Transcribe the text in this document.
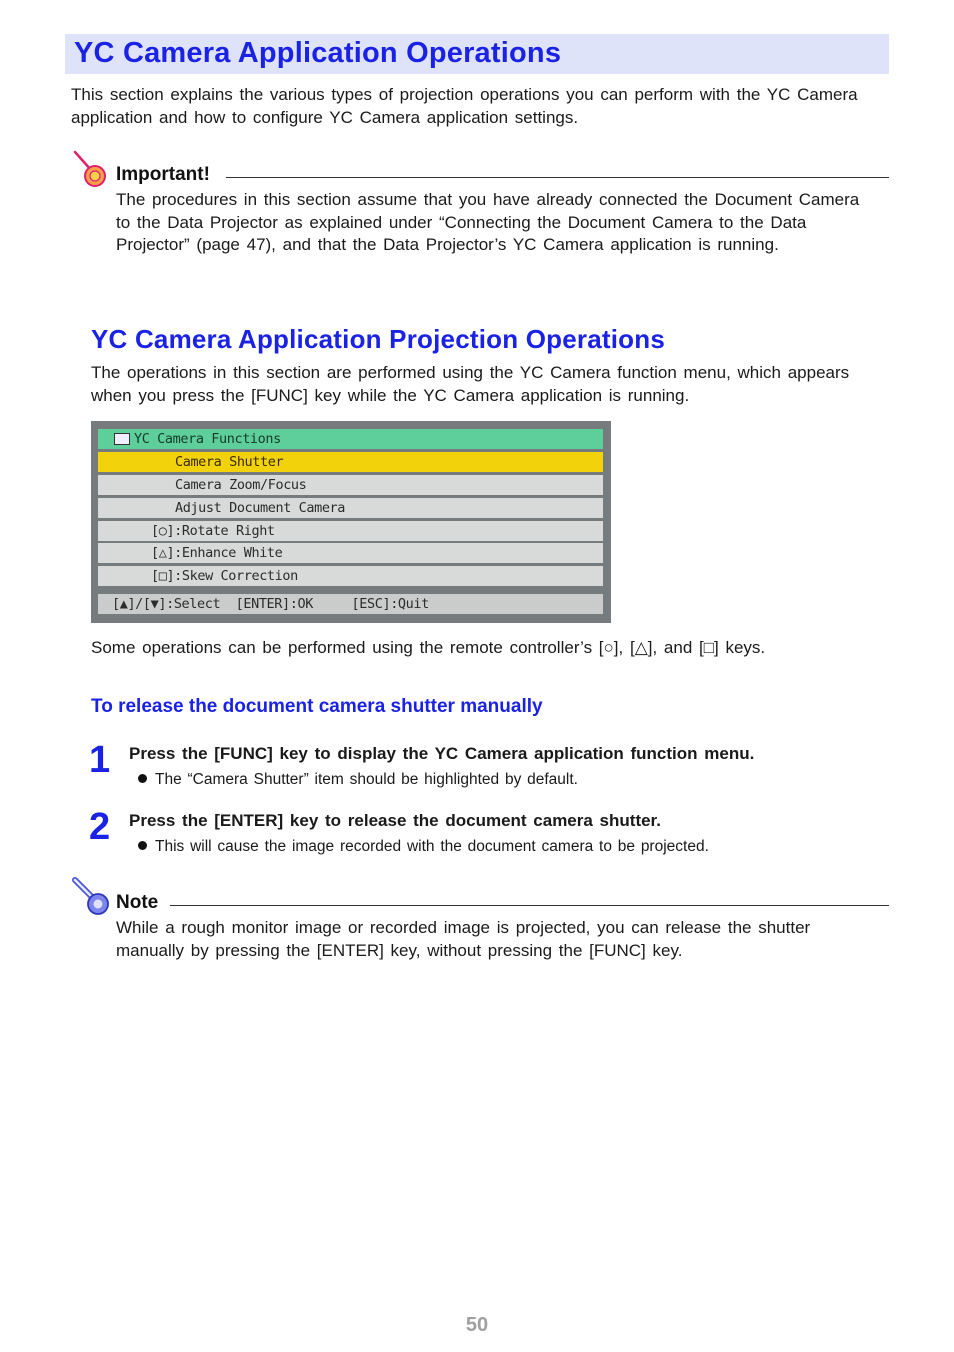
YC Camera Application Operations
This section explains the various types of projection operations you can perform with the YC Camera application and how to configure YC Camera application settings.
Important!
The procedures in this section assume that you have already connected the Document Camera to the Data Projector as explained under “Connecting the Document Camera to the Data Projector” (page 47), and that the Data Projector’s YC Camera application is running.
YC Camera Application Projection Operations
The operations in this section are performed using the YC Camera function menu, which appears when you press the [FUNC] key while the YC Camera application is running.
YC Camera Functions
Camera Shutter
Camera Zoom/Focus
Adjust Document Camera
[○]:Rotate Right
[△]:Enhance White
[□]:Skew Correction
[▲]/[▼]:Select  [ENTER]:OK     [ESC]:Quit
Some operations can be performed using the remote controller’s [○], [△], and [□] keys.
To release the document camera shutter manually
1 Press the [FUNC] key to display the YC Camera application function menu.
The “Camera Shutter” item should be highlighted by default.
2 Press the [ENTER] key to release the document camera shutter.
This will cause the image recorded with the document camera to be projected.
Note
While a rough monitor image or recorded image is projected, you can release the shutter manually by pressing the [ENTER] key, without pressing the [FUNC] key.
50
